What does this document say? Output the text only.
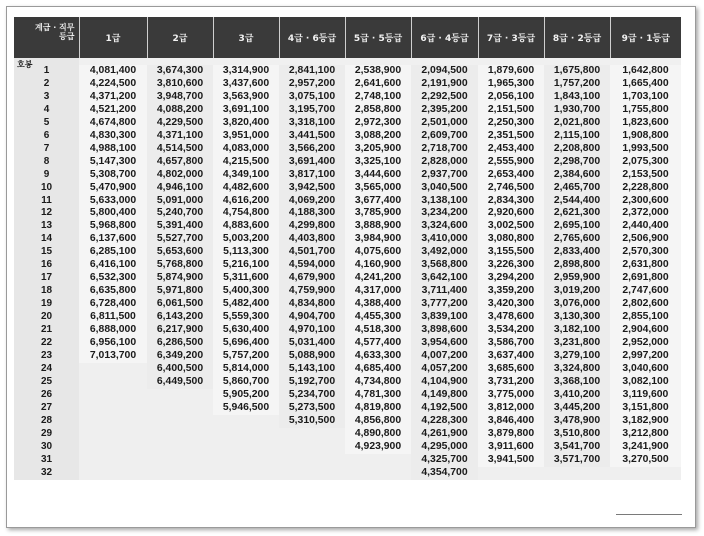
계급 · 직무
등급
호봉	1급	2급	3급	4급 · 6등급	5급 · 5등급	6급 · 4등급	7급 · 3등급	8급 · 2등급	9급 · 1등급

1	4,081,400	3,674,300	3,314,900	2,841,100	2,538,900	2,094,500	1,879,600	1,675,800	1,642,800
2	4,224,500	3,810,600	3,437,600	2,957,200	2,641,600	2,191,900	1,965,300	1,757,200	1,665,400
3	4,371,200	3,948,700	3,563,900	3,075,100	2,748,100	2,292,500	2,056,100	1,843,100	1,703,100
4	4,521,200	4,088,200	3,691,100	3,195,700	2,858,800	2,395,200	2,151,500	1,930,700	1,755,800
5	4,674,800	4,229,500	3,820,400	3,318,100	2,972,300	2,501,000	2,250,300	2,021,800	1,823,600
6	4,830,300	4,371,100	3,951,000	3,441,500	3,088,200	2,609,700	2,351,500	2,115,100	1,908,800
7	4,988,100	4,514,500	4,083,000	3,566,200	3,205,900	2,718,700	2,453,400	2,208,800	1,993,500
8	5,147,300	4,657,800	4,215,500	3,691,400	3,325,100	2,828,000	2,555,900	2,298,700	2,075,300
9	5,308,700	4,802,000	4,349,100	3,817,100	3,444,600	2,937,700	2,653,400	2,384,600	2,153,500
10	5,470,900	4,946,100	4,482,600	3,942,500	3,565,000	3,040,500	2,746,500	2,465,700	2,228,800
11	5,633,000	5,091,000	4,616,200	4,069,200	3,677,400	3,138,100	2,834,300	2,544,400	2,300,600
12	5,800,400	5,240,700	4,754,800	4,188,300	3,785,900	3,234,200	2,920,600	2,621,300	2,372,000
13	5,968,800	5,391,400	4,883,600	4,299,800	3,888,900	3,324,600	3,002,500	2,695,100	2,440,400
14	6,137,600	5,527,700	5,003,200	4,403,800	3,984,900	3,410,000	3,080,800	2,765,600	2,506,900
15	6,285,100	5,653,600	5,113,300	4,501,700	4,075,600	3,492,000	3,155,500	2,833,400	2,570,300
16	6,416,100	5,768,800	5,216,100	4,594,000	4,160,900	3,568,800	3,226,300	2,898,800	2,631,800
17	6,532,300	5,874,900	5,311,600	4,679,900	4,241,200	3,642,100	3,294,200	2,959,900	2,691,800
18	6,635,800	5,971,800	5,400,300	4,759,900	4,317,000	3,711,400	3,359,200	3,019,200	2,747,600
19	6,728,400	6,061,500	5,482,400	4,834,800	4,388,400	3,777,200	3,420,300	3,076,000	2,802,600
20	6,811,500	6,143,200	5,559,300	4,904,700	4,455,300	3,839,100	3,478,600	3,130,300	2,855,100
21	6,888,000	6,217,900	5,630,400	4,970,100	4,518,300	3,898,600	3,534,200	3,182,100	2,904,600
22	6,956,100	6,286,500	5,696,400	5,031,400	4,577,400	3,954,600	3,586,700	3,231,800	2,952,000
23	7,013,700	6,349,200	5,757,200	5,088,900	4,633,300	4,007,200	3,637,400	3,279,100	2,997,200
24		6,400,500	5,814,000	5,143,100	4,685,400	4,057,200	3,685,600	3,324,800	3,040,600
25		6,449,500	5,860,700	5,192,700	4,734,800	4,104,900	3,731,200	3,368,100	3,082,100
26			5,905,200	5,234,700	4,781,300	4,149,800	3,775,000	3,410,200	3,119,600
27			5,946,500	5,273,500	4,819,800	4,192,500	3,812,000	3,445,200	3,151,800
28				5,310,500	4,856,800	4,228,300	3,846,400	3,478,900	3,182,900
29					4,890,800	4,261,900	3,879,800	3,510,800	3,212,800
30					4,923,900	4,295,000	3,911,600	3,541,700	3,241,900
31						4,325,700	3,941,500	3,571,700	3,270,500
32						4,354,700			
